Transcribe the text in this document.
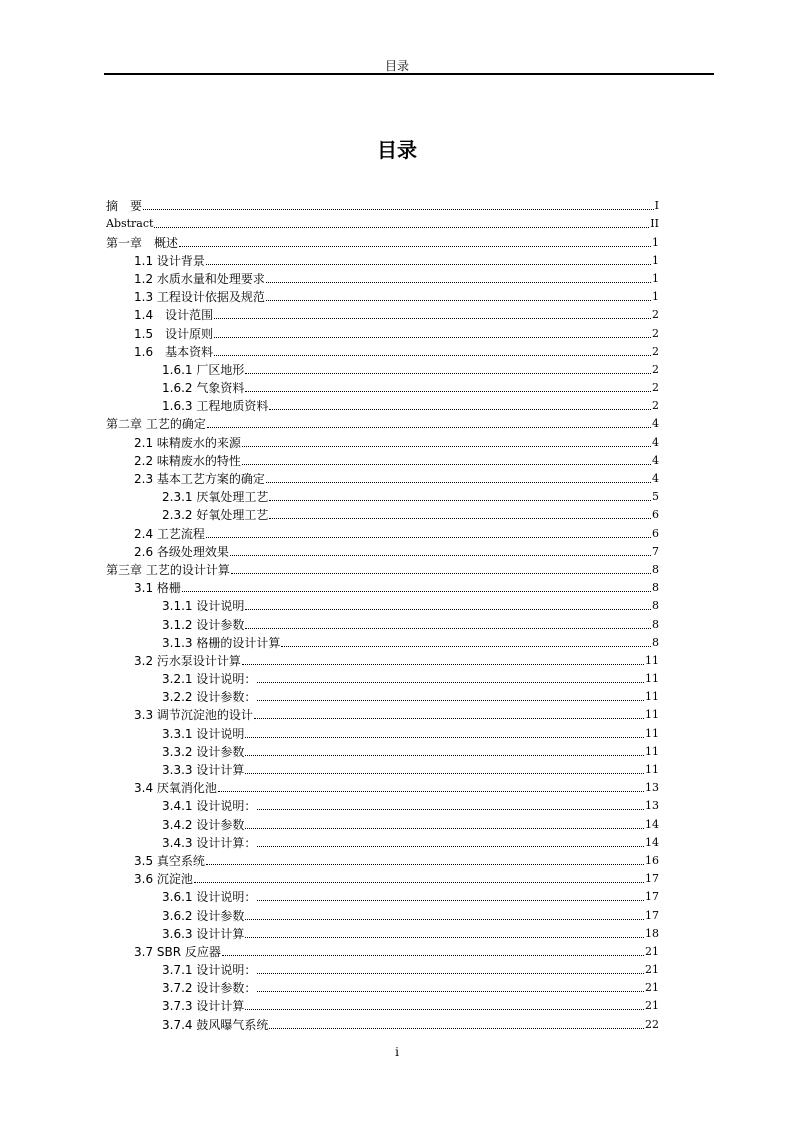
目录
目录
摘　要	I
Abstract	II
第一章　概述	1
1.1 设计背景	1
1.2 水质水量和处理要求	1
1.3 工程设计依据及规范	1
1.4　设计范围	2
1.5　设计原则	2
1.6　基本资料	2
1.6.1 厂区地形	2
1.6.2 气象资料	2
1.6.3 工程地质资料	2
第二章 工艺的确定	4
2.1 味精废水的来源	4
2.2 味精废水的特性	4
2.3 基本工艺方案的确定	4
2.3.1 厌氧处理工艺	5
2.3.2 好氧处理工艺	6
2.4 工艺流程	6
2.6 各级处理效果	7
第三章 工艺的设计计算	8
3.1 格栅	8
3.1.1 设计说明	8
3.1.2 设计参数	8
3.1.3 格栅的设计计算	8
3.2 污水泵设计计算	11
3.2.1 设计说明：	11
3.2.2 设计参数：	11
3.3 调节沉淀池的设计	11
3.3.1 设计说明	11
3.3.2 设计参数	11
3.3.3 设计计算	11
3.4 厌氧消化池	13
3.4.1 设计说明：	13
3.4.2 设计参数	14
3.4.3 设计计算：	14
3.5 真空系统	16
3.6 沉淀池	17
3.6.1 设计说明：	17
3.6.2 设计参数	17
3.6.3 设计计算	18
3.7 SBR 反应器	21
3.7.1 设计说明：	21
3.7.2 设计参数：	21
3.7.3 设计计算	21
3.7.4 鼓风曝气系统	22
i
